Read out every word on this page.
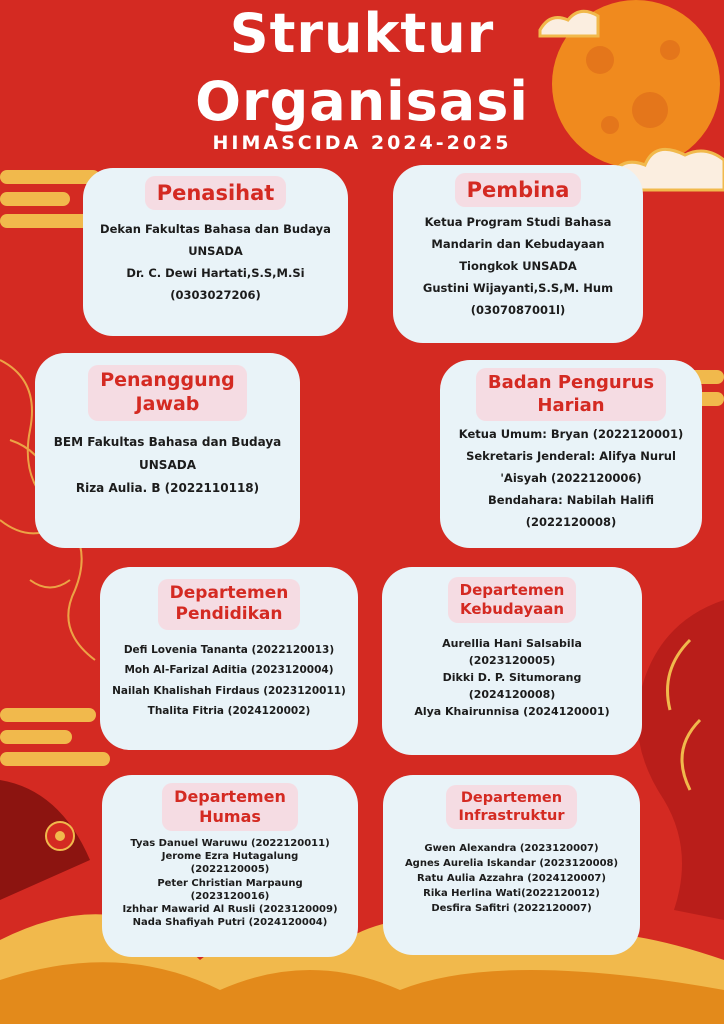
Struktur
Organisasi
HIMASCIDA 2024-2025
Penasihat
Dekan Fakultas Bahasa dan Budaya
UNSADA
Dr. C. Dewi Hartati,S.S,M.Si
(0303027206)
Pembina
Ketua Program Studi Bahasa
Mandarin dan Kebudayaan
Tiongkok UNSADA
Gustini Wijayanti,S.S,M. Hum
(0307087001l)
Penanggung
Jawab
BEM Fakultas Bahasa dan Budaya
UNSADA
Riza Aulia. B (2022110118)
Badan Pengurus
Harian
Ketua Umum: Bryan (2022120001)
Sekretaris Jenderal: Alifya Nurul
'Aisyah (2022120006)
Bendahara: Nabilah Halifi
(2022120008)
Departemen
Pendidikan
Defi Lovenia Tananta (2022120013)
Moh Al-Farizal Aditia (2023120004)
Nailah Khalishah Firdaus (2023120011)
Thalita Fitria (2024120002)
Departemen
Kebudayaan
Aurellia Hani Salsabila
(2023120005)
Dikki D. P. Situmorang
(2024120008)
Alya Khairunnisa (2024120001)
Departemen
Humas
Tyas Danuel Waruwu (2022120011)
Jerome Ezra Hutagalung
(2022120005)
Peter Christian Marpaung
(2023120016)
Izhhar Mawarid Al Rusli (2023120009)
Nada Shafiyah Putri (2024120004)
Departemen
Infrastruktur
Gwen Alexandra (2023120007)
Agnes Aurelia Iskandar (2023120008)
Ratu Aulia Azzahra (2024120007)
Rika Herlina Wati(2022120012)
Desfira Safitri (2022120007)
